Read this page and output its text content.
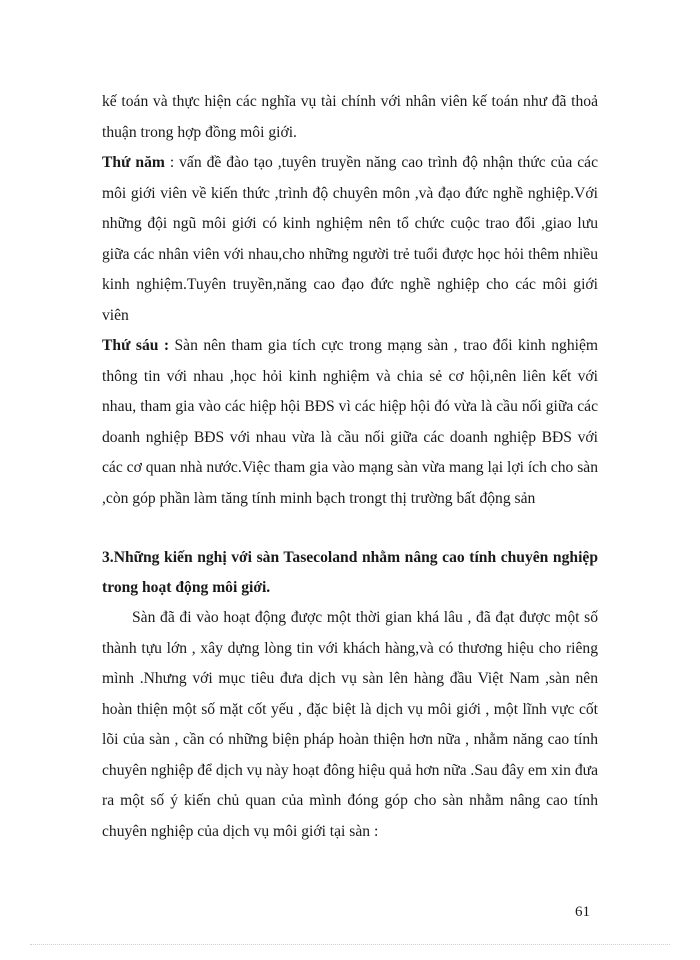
kế toán và thực hiện các nghĩa vụ tài chính với nhân viên kế toán như đã thoả thuận trong hợp đồng môi giới.

Thứ năm : vấn đề đào tạo ,tuyên truyền năng cao trình độ nhận thức của các môi giới viên về kiến thức ,trình độ chuyên môn ,và đạo đức nghề nghiệp.Với những đội ngũ môi giới có kinh nghiệm nên tổ chức cuộc trao đổi ,giao lưu giữa các nhân viên với nhau,cho những người trẻ tuổi được học hỏi thêm nhiều kinh nghiệm.Tuyên truyền,năng cao đạo đức nghề nghiệp cho các môi giới viên

Thứ sáu : Sàn nên tham gia tích cực trong mạng sàn , trao đổi kinh nghiệm thông tin với nhau ,học hỏi kinh nghiệm và chia sẻ cơ hội,nên liên kết với nhau, tham gia vào các hiệp hội BĐS vì các hiệp hội đó vừa là cầu nối giữa các doanh nghiệp BĐS với nhau vừa là cầu nối giữa các doanh nghiệp BĐS với các cơ quan nhà nước.Việc tham gia vào mạng sàn vừa mang lại lợi ích cho sàn ,còn góp phần làm tăng tính minh bạch trongt thị trường bất động sản

3.Những kiến nghị với sàn Tasecoland nhằm nâng cao tính chuyên nghiệp trong hoạt động môi giới.

Sàn đã đi vào hoạt động được một thời gian khá lâu , đã đạt được một số thành tựu lớn , xây dựng lòng tin với khách hàng,và có thương hiệu cho riêng mình .Nhưng với mục tiêu đưa dịch vụ sàn lên hàng đầu Việt Nam ,sàn nên hoàn thiện một số mặt cốt yếu , đặc biệt là dịch vụ môi giới , một lĩnh vực cốt lõi của sàn , cần có những biện pháp hoàn thiện hơn nữa , nhằm năng cao tính chuyên nghiệp để dịch vụ này hoạt đông hiệu quả hơn nữa .Sau đây em xin đưa ra một số ý kiến chủ quan của mình đóng góp cho sàn nhằm nâng cao tính chuyên nghiệp của dịch vụ môi giới tại sàn :

61
